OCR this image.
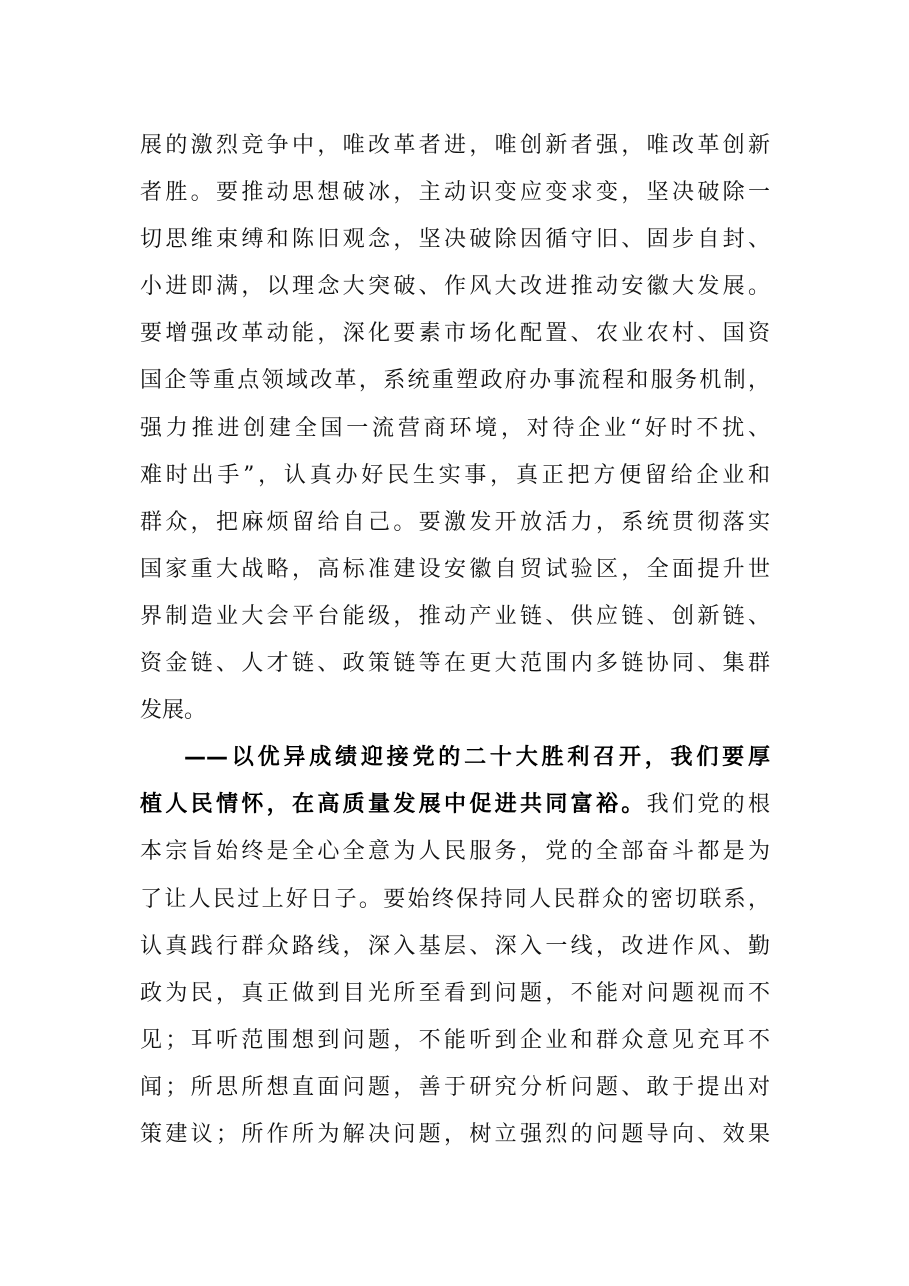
展的激烈竞争中，唯改革者进，唯创新者强，唯改革创新
者胜。要推动思想破冰，主动识变应变求变，坚决破除一
切思维束缚和陈旧观念，坚决破除因循守旧、固步自封、
小进即满，以理念大突破、作风大改进推动安徽大发展。
要增强改革动能，深化要素市场化配置、农业农村、国资
国企等重点领域改革，系统重塑政府办事流程和服务机制，
强力推进创建全国一流营商环境，对待企业“好时不扰、
难时出手”，认真办好民生实事，真正把方便留给企业和
群众，把麻烦留给自己。要激发开放活力，系统贯彻落实
国家重大战略，高标准建设安徽自贸试验区，全面提升世
界制造业大会平台能级，推动产业链、供应链、创新链、
资金链、人才链、政策链等在更大范围内多链协同、集群
发展。
——以优异成绩迎接党的二十大胜利召开，我们要厚
植人民情怀，在高质量发展中促进共同富裕。我们党的根
本宗旨始终是全心全意为人民服务，党的全部奋斗都是为
了让人民过上好日子。要始终保持同人民群众的密切联系，
认真践行群众路线，深入基层、深入一线，改进作风、勤
政为民，真正做到目光所至看到问题，不能对问题视而不
见；耳听范围想到问题，不能听到企业和群众意见充耳不
闻；所思所想直面问题，善于研究分析问题、敢于提出对
策建议；所作所为解决问题，树立强烈的问题导向、效果
